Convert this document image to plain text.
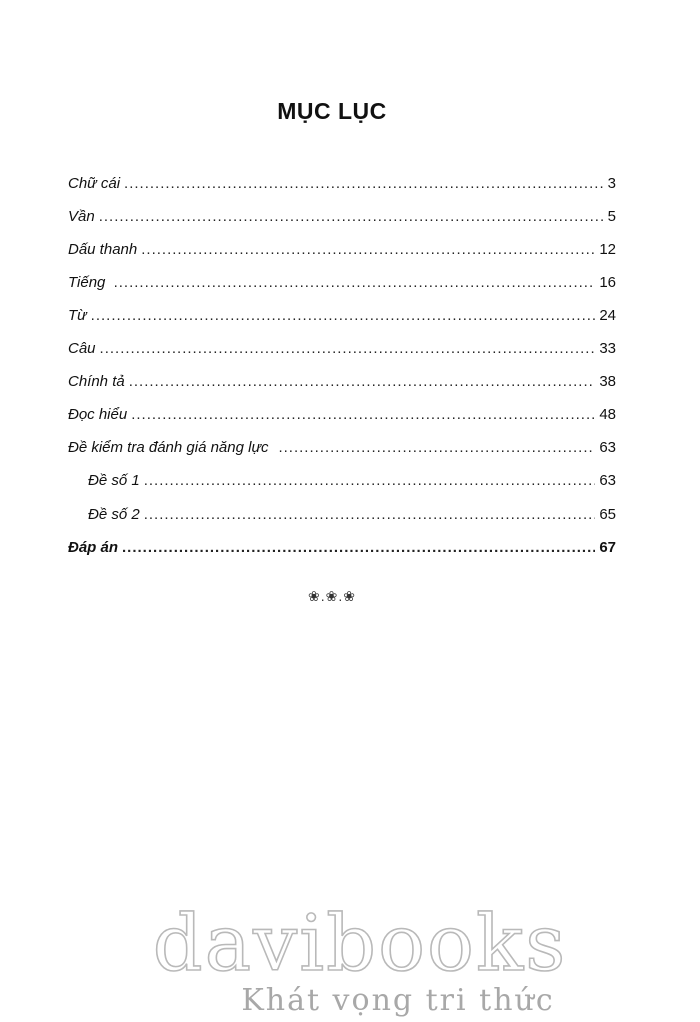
MỤC LỤC
Chữ cái .....	3
Vần .....	5
Dấu thanh .....	12
Tiếng .....	16
Từ .....	24
Câu .....	33
Chính tả .....	38
Đọc hiểu .....	48
Đề kiểm tra đánh giá năng lực .....	63
Đề số 1 .....	63
Đề số 2 .....	65
Đáp án .....	67
❀.❀.❀
davibooks
Khát vọng tri thức
